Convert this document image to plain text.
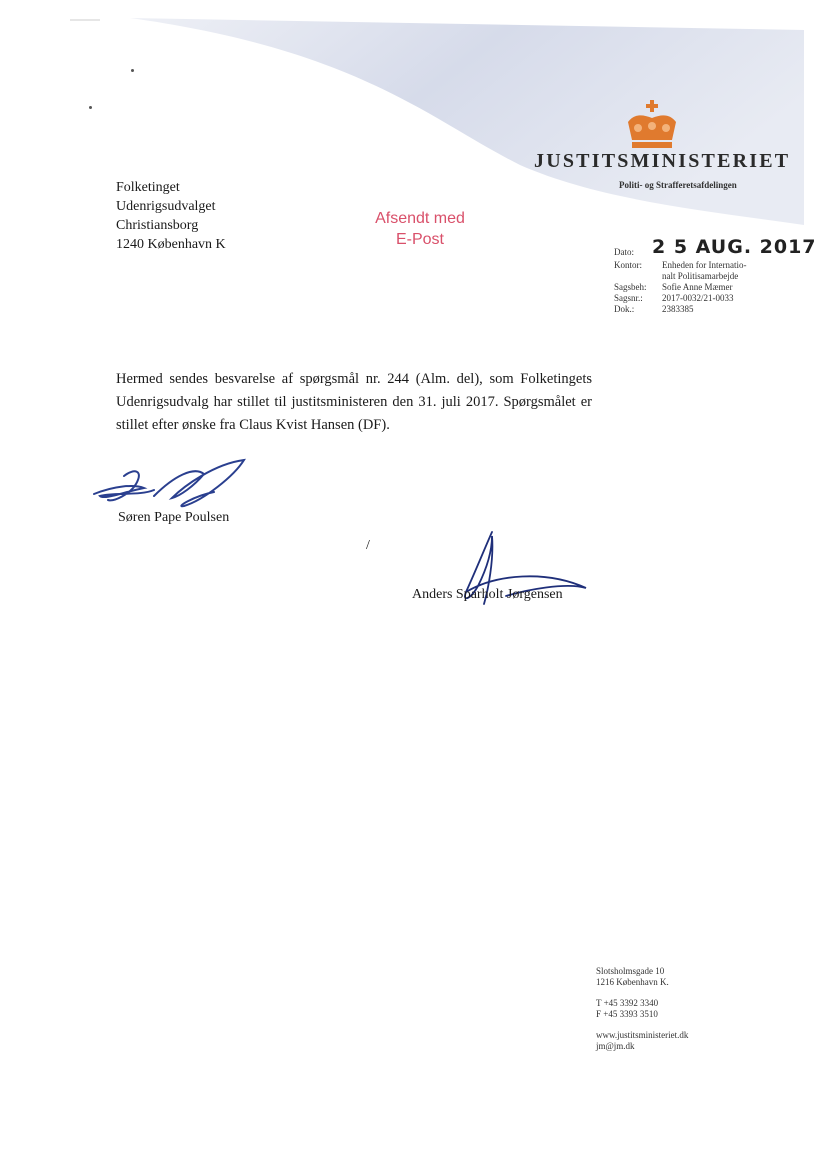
JUSTITSMINISTERIET
Politi- og Strafferetsafdelingen
Folketinget
Udenrigsudvalget
Christiansborg
1240 København K
Afsendt med
E-Post
Dato: 2 5 AUG. 2017
Kontor:	Enheden for Internatio-
nalt Politisamarbejde
Sagsbeh:	Sofie Anne Mæmer
Sagsnr.:	2017-0032/21-0033
Dok.:	2383385
Hermed sendes besvarelse af spørgsmål nr. 244 (Alm. del), som Folketingets Udenrigsudvalg har stillet til justitsministeren den 31. juli 2017. Spørgsmålet er stillet efter ønske fra Claus Kvist Hansen (DF).
Søren Pape Poulsen
/
Anders Sparholt Jørgensen
Slotsholmsgade 10
1216 København K.
T +45 3392 3340
F +45 3393 3510
www.justitsministeriet.dk
jm@jm.dk
